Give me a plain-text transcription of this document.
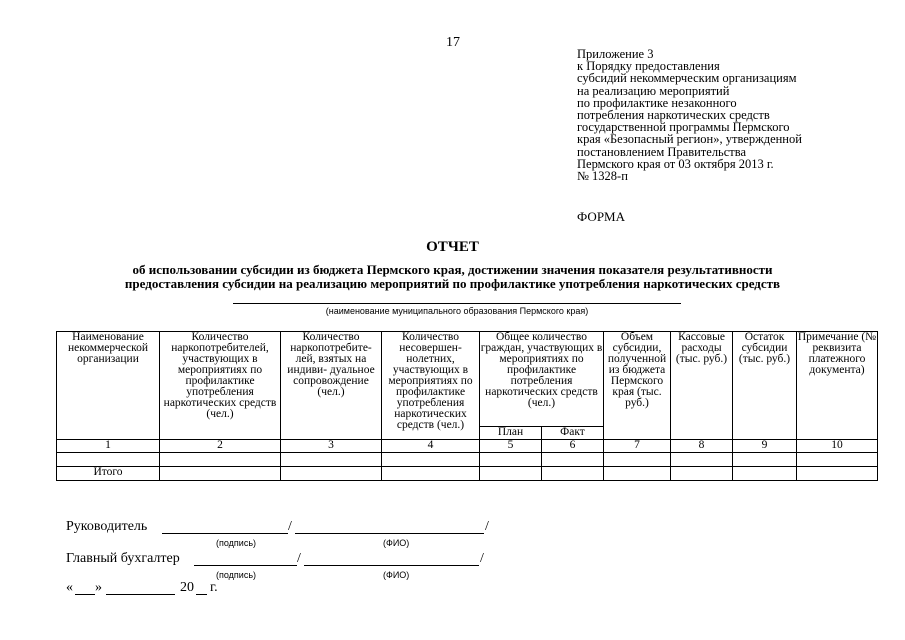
17
Приложение 3
к Порядку предоставления
субсидий некоммерческим организациям
на реализацию мероприятий
по профилактике незаконного
потребления наркотических средств
государственной программы Пермского
края «Безопасный регион», утвержденной
постановлением Правительства
Пермского края от 03 октября 2013 г.
№ 1328-п
ФОРМА
ОТЧЕТ
об использовании субсидии из бюджета Пермского края, достижении значения показателя результативности
предоставления субсидии на реализацию мероприятий по профилактике употребления наркотических средств
(наименование муниципального образования Пермского края)
Наименование некоммерческой организации	Количество наркопотребителей, участвующих в мероприятиях по профилактике употребления наркотических средств (чел.)	Количество наркопотребите- лей, взятых на индиви- дуальное сопровождение (чел.)	Количество несовершен- нолетних, участвующих в мероприятиях по профилактике употребления наркотических средств (чел.)	Общее количество граждан, участвующих в мероприятиях по профилактике потребления наркотических средств (чел.)		Объем субсидии, полученной из бюджета Пермского края (тыс. руб.)	Кассовые расходы (тыс. руб.)	Остаток субсидии (тыс. руб.)	Примечание (№ реквизита платежного документа)
				План	Факт				
1	2	3	4	5	6	7	8	9	10

Итого									
Руководитель	/	/
(подпись)	(ФИО)
Главный бухгалтер	/	/
(подпись)	(ФИО)
« »	20 г.
